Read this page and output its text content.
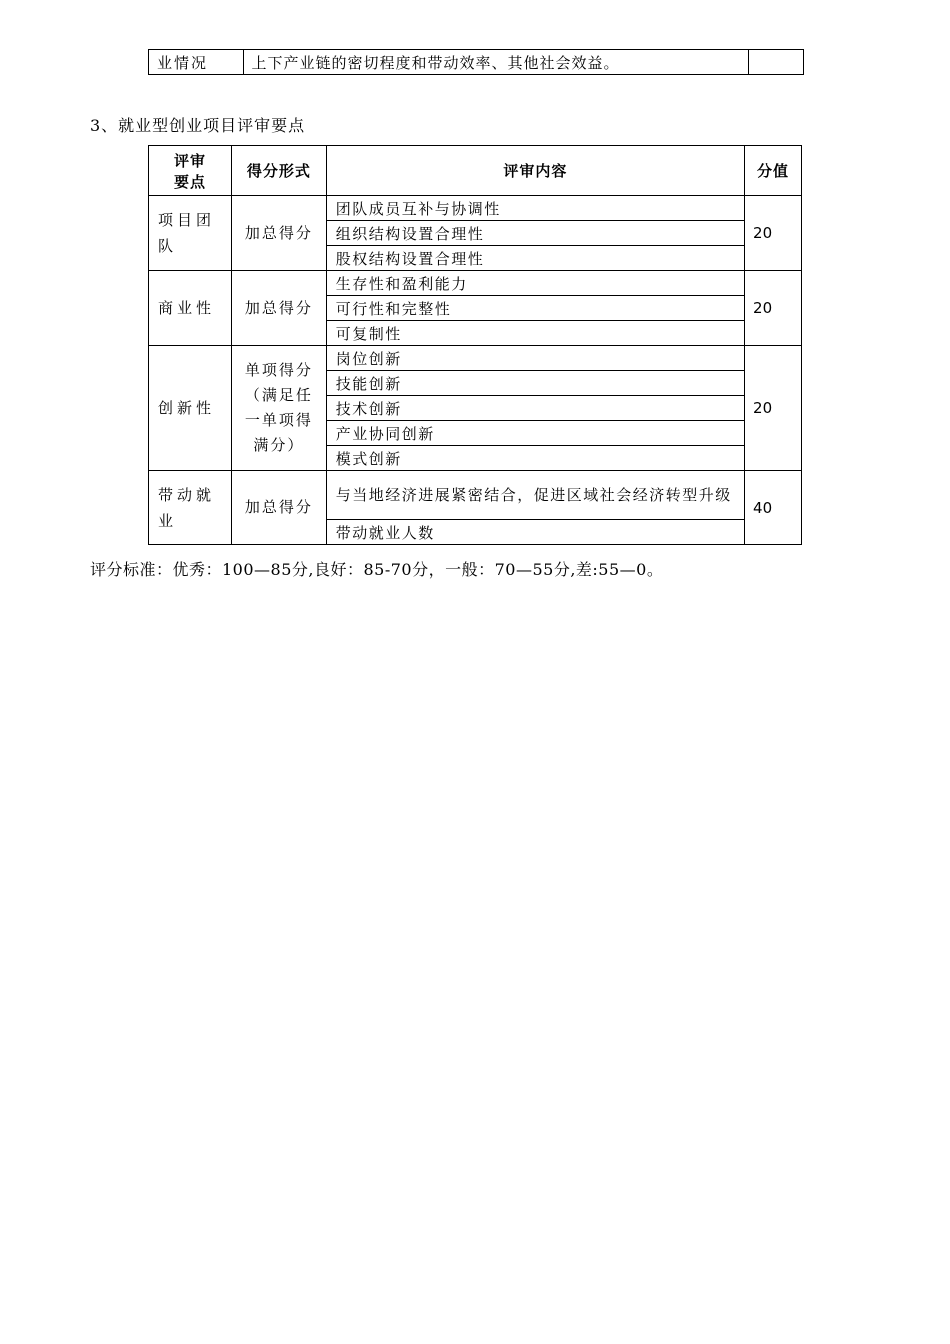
业情况	上下产业链的密切程度和带动效率、其他社会效益。	
3、就业型创业项目评审要点
评审
要点	得分形式	评审内容	分值
项目团队	加总得分	团队成员互补与协调性	20
		组织结构设置合理性	
		股权结构设置合理性	
商业性	加总得分	生存性和盈利能力	20
		可行性和完整性	
		可复制性	
创新性	单项得分（满足任一单项得满分）	岗位创新	20
		技能创新	
		技术创新	
		产业协同创新	
		模式创新	
带动就业	加总得分	与当地经济进展紧密结合，促进区域社会经济转型升级	40
		带动就业人数	
评分标准：优秀：100—85分,良好：85-70分，一般：70—55分,差:55—0。
